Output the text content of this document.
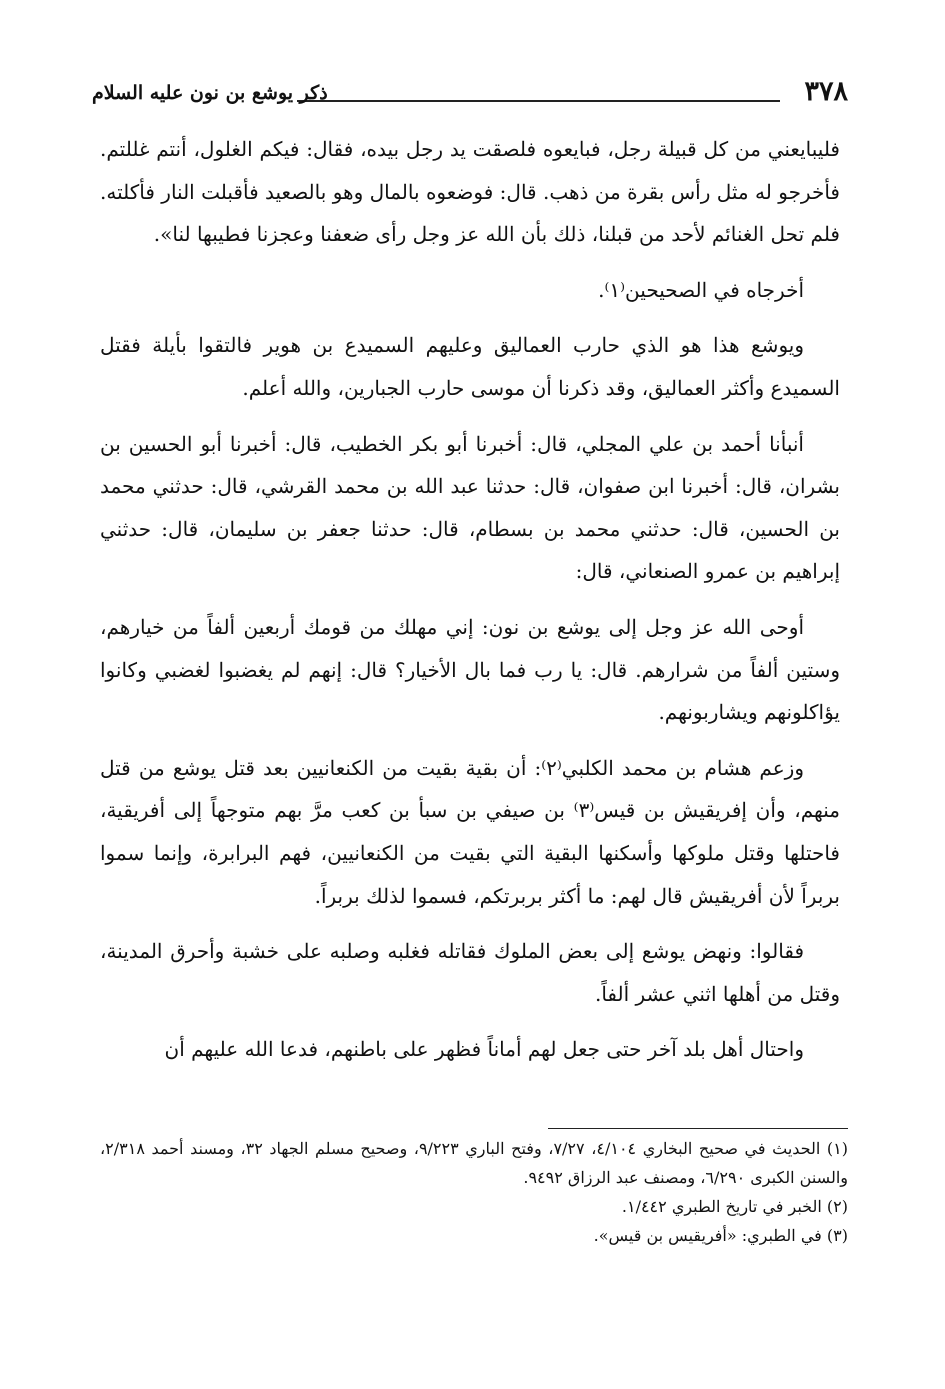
٣٧٨
ذكر يوشع بن نون عليه السلام

فليبايعني من كل قبيلة رجل، فبايعوه فلصقت يد رجل بيده، فقال: فيكم الغلول، أنتم غللتم. فأخرجو له مثل رأس بقرة من ذهب. قال: فوضعوه بالمال وهو بالصعيد فأقبلت النار فأكلته. فلم تحل الغنائم لأحد من قبلنا، ذلك بأن الله عز وجل رأى ضعفنا وعجزنا فطيبها لنا».

أخرجاه في الصحيحين⁽١⁾.

ويوشع هذا هو الذي حارب العماليق وعليهم السميدع بن هوير فالتقوا بأيلة فقتل السميدع وأكثر العماليق، وقد ذكرنا أن موسى حارب الجبارين، والله أعلم.

أنبأنا أحمد بن علي المجلي، قال: أخبرنا أبو بكر الخطيب، قال: أخبرنا أبو الحسين بن بشران، قال: أخبرنا ابن صفوان، قال: حدثنا عبد الله بن محمد القرشي، قال: حدثني محمد بن الحسين، قال: حدثني محمد بن بسطام، قال: حدثنا جعفر بن سليمان، قال: حدثني إبراهيم بن عمرو الصنعاني، قال:

أوحى الله عز وجل إلى يوشع بن نون: إني مهلك من قومك أربعين ألفاً من خيارهم، وستين ألفاً من شرارهم. قال: يا رب فما بال الأخيار؟ قال: إنهم لم يغضبوا لغضبي وكانوا يؤاكلونهم ويشاربونهم.

وزعم هشام بن محمد الكلبي⁽٢⁾: أن بقية بقيت من الكنعانيين بعد قتل يوشع من قتل منهم، وأن إفريقيش بن قيس⁽٣⁾ بن صيفي بن سبأ بن كعب مرَّ بهم متوجهاً إلى أفريقية، فاحتلها وقتل ملوكها وأسكنها البقية التي بقيت من الكنعانيين، فهم البرابرة، وإنما سموا بربراً لأن أفريقيش قال لهم: ما أكثر بربرتكم، فسموا لذلك بربراً.

فقالوا: ونهض يوشع إلى بعض الملوك فقاتله فغلبه وصلبه على خشبة وأحرق المدينة، وقتل من أهلها اثني عشر ألفاً.

واحتال أهل بلد آخر حتى جعل لهم أماناً فظهر على باطنهم، فدعا الله عليهم أن

(١) الحديث في صحيح البخاري ٤/١٠٤، ٧/٢٧، وفتح الباري ٩/٢٢٣، وصحيح مسلم الجهاد ٣٢، ومسند أحمد ٢/٣١٨، والسنن الكبرى ٦/٢٩٠، ومصنف عبد الرزاق ٩٤٩٢.

(٢) الخبر في تاريخ الطبري ١/٤٤٢.

(٣) في الطبري: «أفريقيس بن قيس».
